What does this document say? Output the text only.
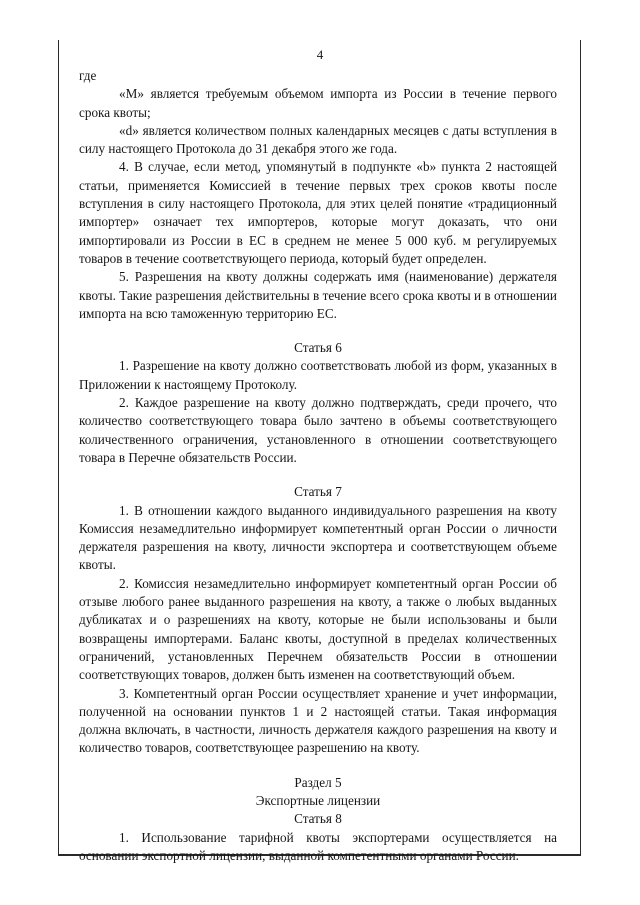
4

где

«M» является требуемым объемом импорта из России в течение первого срока квоты;

«d» является количеством полных календарных месяцев с даты вступления в силу настоящего Протокола до 31 декабря этого же года.

4. В случае, если метод, упомянутый в подпункте «b» пункта 2 настоящей статьи, применяется Комиссией в течение первых трех сроков квоты после вступления в силу настоящего Протокола, для этих целей понятие «традиционный импортер» означает тех импортеров, которые могут доказать, что они импортировали из России в ЕС в среднем не менее 5 000 куб. м регулируемых товаров в течение соответствующего периода, который будет определен.

5. Разрешения на квоту должны содержать имя (наименование) держателя квоты. Такие разрешения действительны в течение всего срока квоты и в отношении импорта на всю таможенную территорию ЕС.

Статья 6

1. Разрешение на квоту должно соответствовать любой из форм, указанных в Приложении к настоящему Протоколу.

2. Каждое разрешение на квоту должно подтверждать, среди прочего, что количество соответствующего товара было зачтено в объемы соответствующего количественного ограничения, установленного в отношении соответствующего товара в Перечне обязательств России.

Статья 7

1. В отношении каждого выданного индивидуального разрешения на квоту Комиссия незамедлительно информирует компетентный орган России о личности держателя разрешения на квоту, личности экспортера и соответствующем объеме квоты.

2. Комиссия незамедлительно информирует компетентный орган России об отзыве любого ранее выданного разрешения на квоту, а также о любых выданных дубликатах и о разрешениях на квоту, которые не были использованы и были возвращены импортерами. Баланс квоты, доступной в пределах количественных ограничений, установленных Перечнем обязательств России в отношении соответствующих товаров, должен быть изменен на соответствующий объем.

3. Компетентный орган России осуществляет хранение и учет информации, полученной на основании пунктов 1 и 2 настоящей статьи. Такая информация должна включать, в частности, личность держателя каждого разрешения на квоту и количество товаров, соответствующее разрешению на квоту.

Раздел 5

Экспортные лицензии

Статья 8

1. Использование тарифной квоты экспортерами осуществляется на основании экспортной лицензии, выданной компетентными органами России.
